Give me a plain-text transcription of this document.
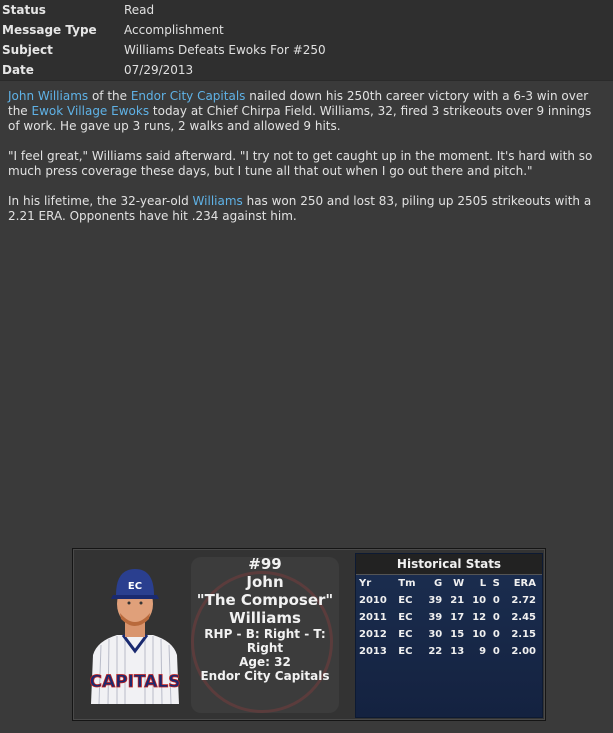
Status	Read
Message Type	Accomplishment
Subject	Williams Defeats Ewoks For #250
Date	07/29/2013

John Williams of the Endor City Capitals nailed down his 250th career victory with a 6-3 win over the Ewok Village Ewoks today at Chief Chirpa Field. Williams, 32, fired 3 strikeouts over 9 innings of work. He gave up 3 runs, 2 walks and allowed 9 hits.

"I feel great," Williams said afterward. "I try not to get caught up in the moment. It's hard with so much press coverage these days, but I tune all that out when I go out there and pitch."

In his lifetime, the 32-year-old Williams has won 250 and lost 83, piling up 2505 strikeouts with a 2.21 ERA. Opponents have hit .234 against him.

CAPITALS
EC
#99
John
"The Composer"
Williams
RHP - B: Right - T: Right
Age: 32
Endor City Capitals
Historical Stats
Yr	Tm	G	W	L	S	ERA
2010	EC	39	21	10	0	2.72
2011	EC	39	17	12	0	2.45
2012	EC	30	15	10	0	2.15
2013	EC	22	13	9	0	2.00
